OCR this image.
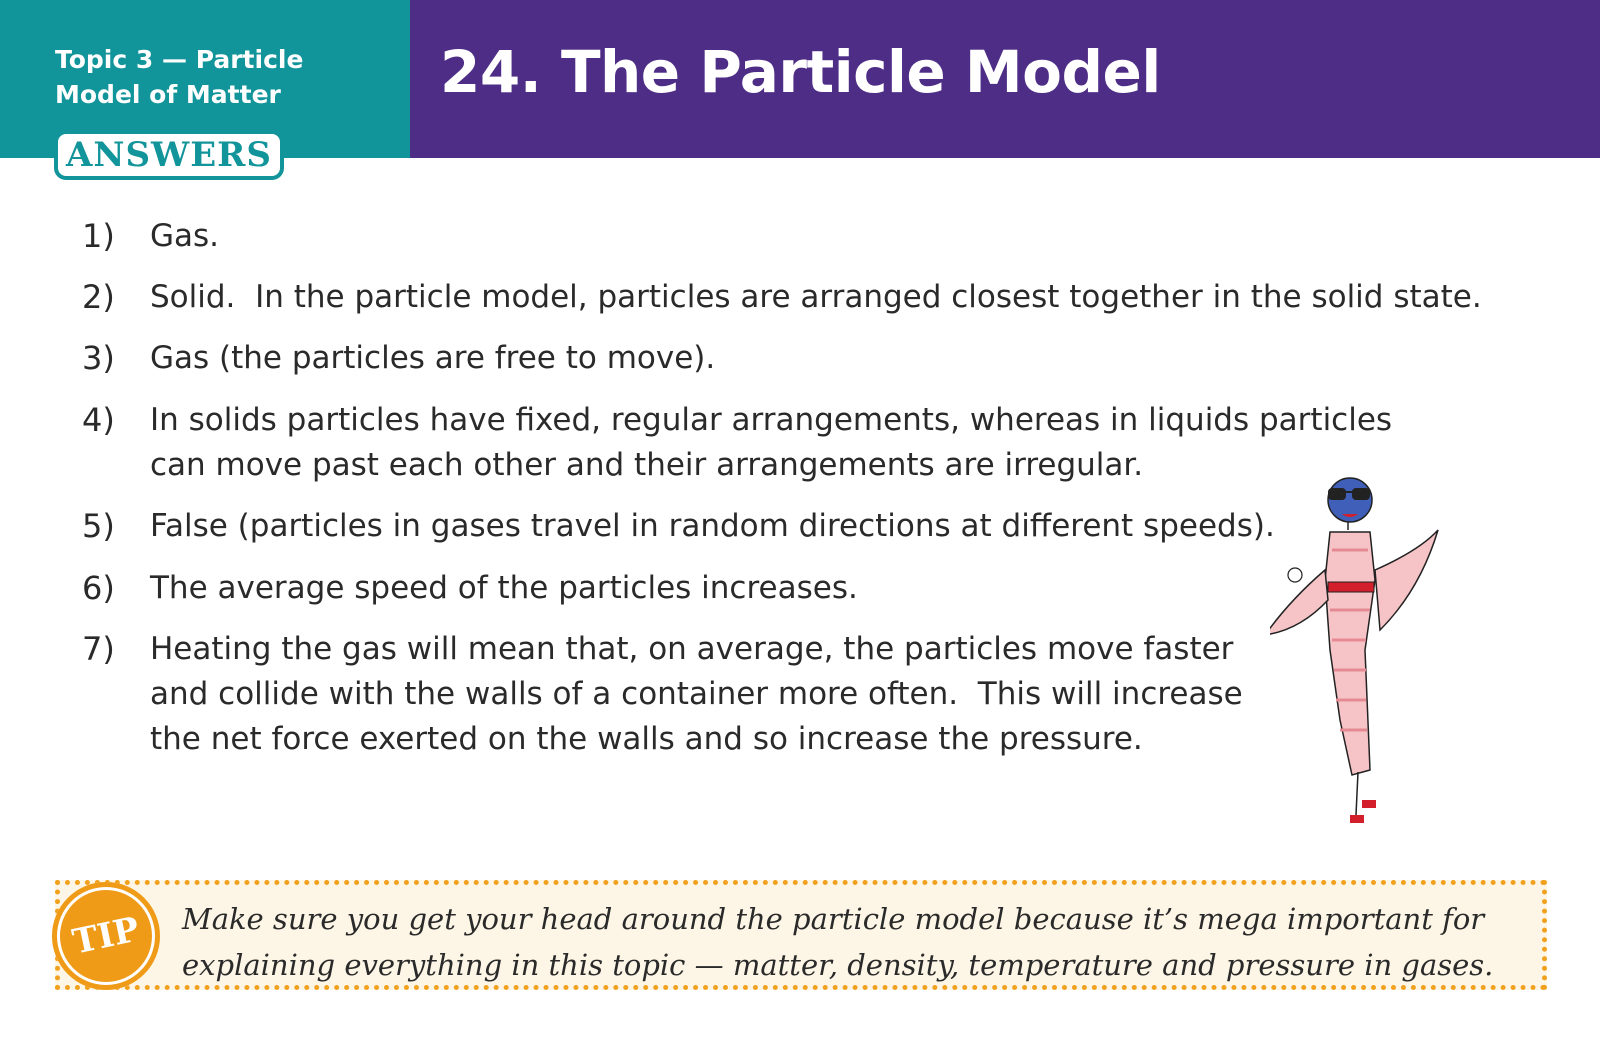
Topic 3 — Particle
Model of Matter	24. The Particle Model
ANSWERS
1)	Gas.
2)	Solid.  In the particle model, particles are arranged closest together in the solid state.
3)	Gas (the particles are free to move).
4)	In solids particles have fixed, regular arrangements, whereas in liquids particles
can move past each other and their arrangements are irregular.
5)	False (particles in gases travel in random directions at different speeds).
6)	The average speed of the particles increases.
7)	Heating the gas will mean that, on average, the particles move faster
and collide with the walls of a container more often.  This will increase
the net force exerted on the walls and so increase the pressure.
TIP	Make sure you get your head around the particle model because it’s mega important for
explaining everything in this topic — matter, density, temperature and pressure in gases.
